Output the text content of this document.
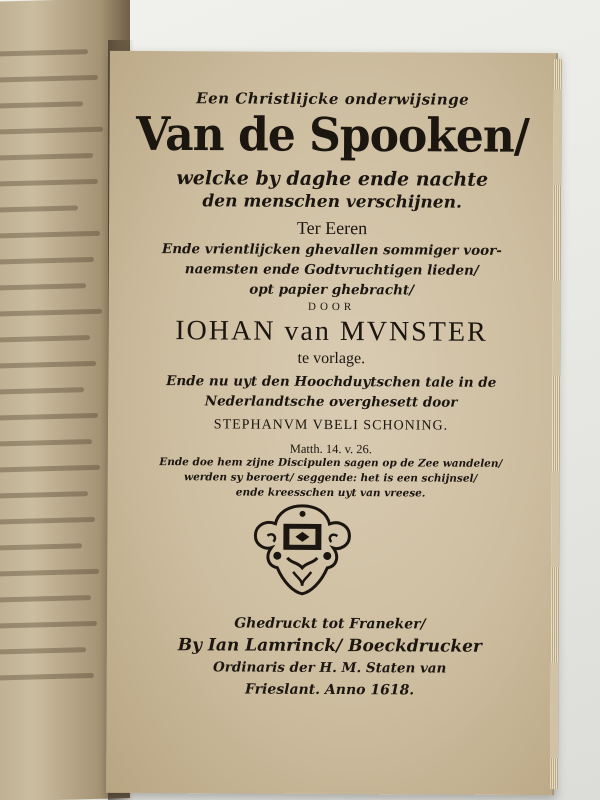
Een Christlijcke onderwijsinge
Van de Spooken/
welcke by daghe ende nachte
den menschen verschijnen.
Ter Eeren
Ende vrientlijcken ghevallen sommiger voor-
naemsten ende Godtvruchtigen lieden/
opt papier ghebracht/
DOOR
IOHAN van MVNSTER
te vorlage.
Ende nu uyt den Hoochduytschen tale in de
Nederlandtsche overghesett door
STEPHANVM VBELI SCHONING.
Matth. 14. v. 26.
Ende doe hem zijne Discipulen sagen op de Zee wandelen/
werden sy beroert/ seggende: het is een schijnsel/
ende kreesschen uyt van vreese.
Ghedruckt tot Franeker/
By Ian Lamrinck/ Boeckdrucker
Ordinaris der H. M. Staten van
Frieslant. Anno 1618.
